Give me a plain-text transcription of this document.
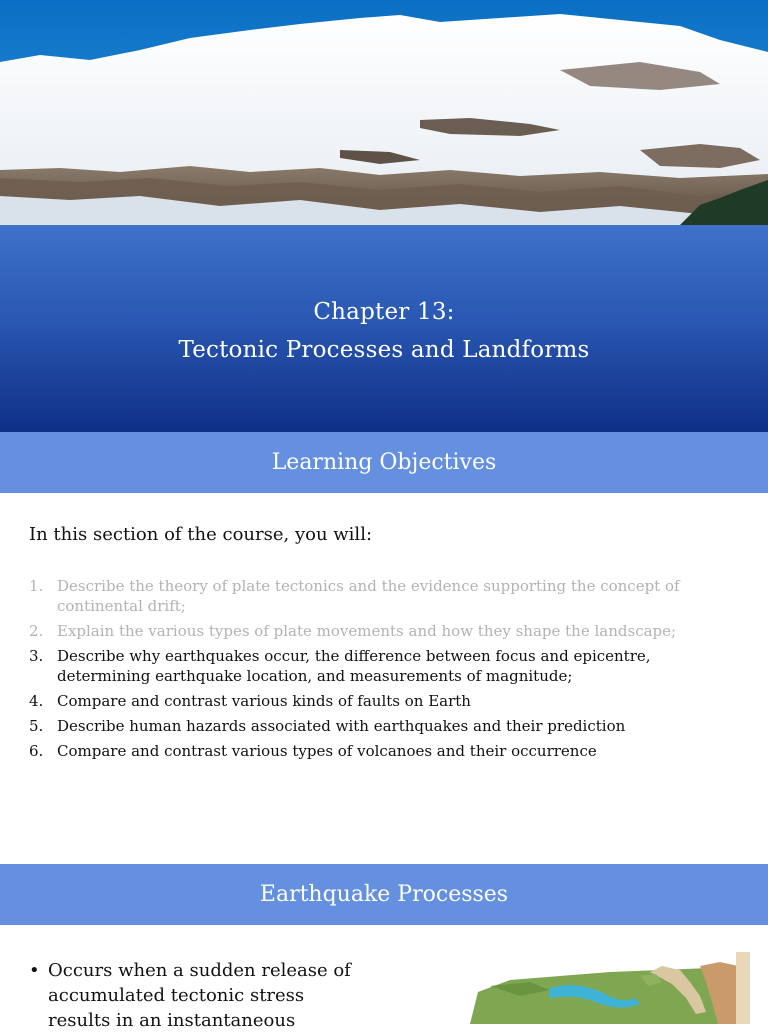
Chapter 13:
Tectonic Processes and Landforms
Learning Objectives
In this section of the course, you will:
1. Describe the theory of plate tectonics and the evidence supporting the concept of continental drift;
2. Explain the various types of plate movements and how they shape the landscape;
3. Describe why earthquakes occur, the difference between focus and epicentre, determining earthquake location, and measurements of magnitude;
4. Compare and contrast various kinds of faults on Earth
5. Describe human hazards associated with earthquakes and their prediction
6. Compare and contrast various types of volcanoes and their occurrence
Earthquake Processes
• Occurs when a sudden release of accumulated tectonic stress results in an instantaneous
